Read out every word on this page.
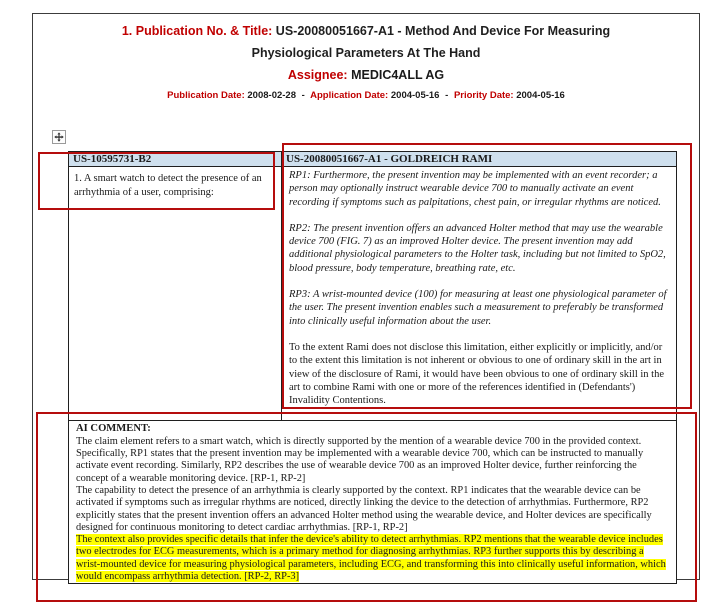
1. Publication No. & Title: US-20080051667-A1 - Method And Device For Measuring
Physiological Parameters At The Hand
Assignee: MEDIC4ALL AG
Publication Date: 2008-02-28 - Application Date: 2004-05-16 - Priority Date: 2004-05-16
US-10595731-B2	US-20080051667-A1 - GOLDREICH RAMI
1. A smart watch to detect the presence of an arrhythmia of a user, comprising:	RP1: Furthermore, the present invention may be implemented with an event recorder; a person may optionally instruct wearable device 700 to manually activate an event recording if symptoms such as palpitations, chest pain, or irregular rhythms are noticed.

RP2: The present invention offers an advanced Holter method that may use the wearable device 700 (FIG. 7) as an improved Holter device. The present invention may add additional physiological parameters to the Holter task, including but not limited to SpO2, blood pressure, body temperature, breathing rate, etc.

RP3: A wrist-mounted device (100) for measuring at least one physiological parameter of the user. The present invention enables such a measurement to preferably be transformed into clinically useful information about the user.

To the extent Rami does not disclose this limitation, either explicitly or implicitly, and/or to the extent this limitation is not inherent or obvious to one of ordinary skill in the art in view of the disclosure of Rami, it would have been obvious to one of ordinary skill in the art to combine Rami with one or more of the references identified in (Defendants') Invalidity Contentions.

AI COMMENT:

The claim element refers to a smart watch, which is directly supported by the mention of a wearable device 700 in the provided context. Specifically, RP1 states that the present invention may be implemented with a wearable device 700, which can be instructed to manually activate event recording. Similarly, RP2 describes the use of wearable device 700 as an improved Holter device, further reinforcing the concept of a wearable monitoring device. [RP-1, RP-2]

The capability to detect the presence of an arrhythmia is clearly supported by the context. RP1 indicates that the wearable device can be activated if symptoms such as irregular rhythms are noticed, directly linking the device to the detection of arrhythmias. Furthermore, RP2 explicitly states that the present invention offers an advanced Holter method using the wearable device, and Holter devices are specifically designed for continuous monitoring to detect cardiac arrhythmias. [RP-1, RP-2]

The context also provides specific details that infer the device's ability to detect arrhythmias. RP2 mentions that the wearable device includes two electrodes for ECG measurements, which is a primary method for diagnosing arrhythmias. RP3 further supports this by describing a wrist-mounted device for measuring physiological parameters, including ECG, and transforming this into clinically useful information, which would encompass arrhythmia detection. [RP-2, RP-3]	
